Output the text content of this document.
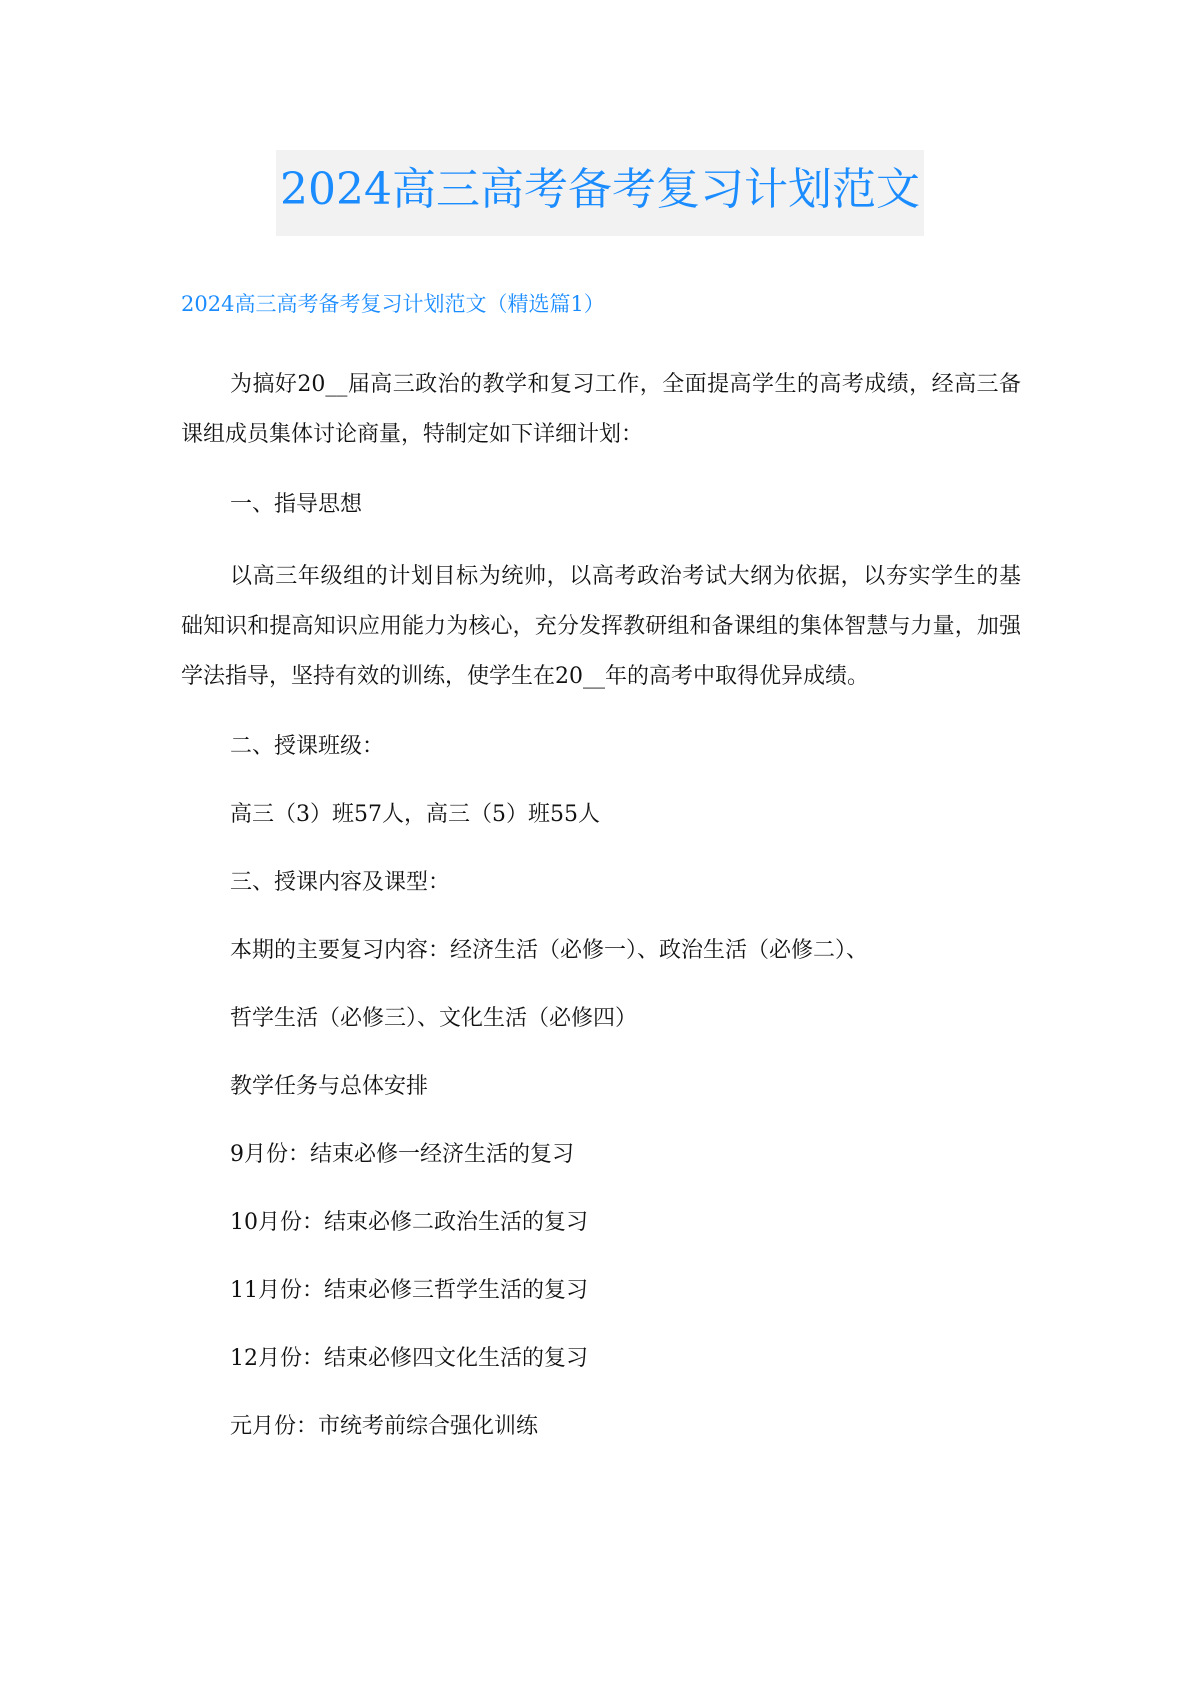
2024高三高考备考复习计划范文
2024高三高考备考复习计划范文（精选篇1）

为搞好20__届高三政治的教学和复习工作，全面提高学生的高考成绩，经高三备课组成员集体讨论商量，特制定如下详细计划：

一、指导思想

以高三年级组的计划目标为统帅，以高考政治考试大纲为依据，以夯实学生的基础知识和提高知识应用能力为核心，充分发挥教研组和备课组的集体智慧与力量，加强学法指导，坚持有效的训练，使学生在20__年的高考中取得优异成绩。

二、授课班级：

高三（3）班57人，高三（5）班55人

三、授课内容及课型：

本期的主要复习内容：经济生活（必修一）、政治生活（必修二）、

哲学生活（必修三）、文化生活（必修四）

教学任务与总体安排

9月份：结束必修一经济生活的复习

10月份：结束必修二政治生活的复习

11月份：结束必修三哲学生活的复习

12月份：结束必修四文化生活的复习

元月份：市统考前综合强化训练
